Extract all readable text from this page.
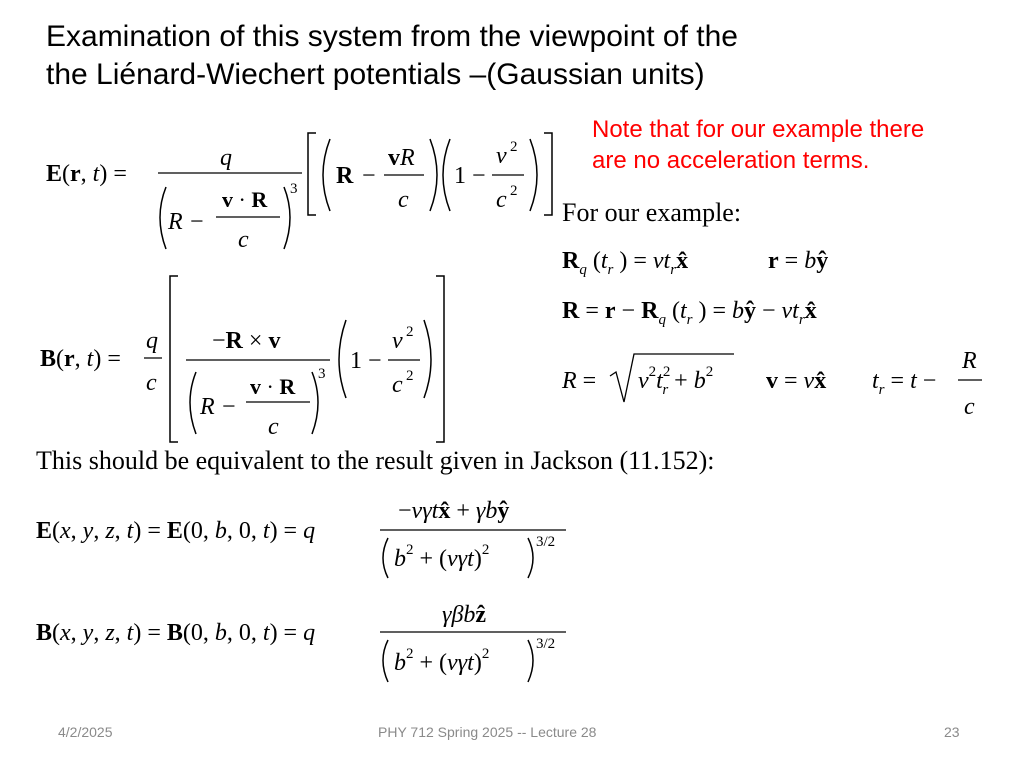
Examination of this system from the viewpoint of the
the Liénard-Wiechert potentials –(Gaussian units)
Note that for our example there
are no acceleration terms.
E(r, t) =
q
3
v · R
R −
c
R −
vR
c
1 −
v 2
c 2
For our example:
$R_q$ ($t_r$ ) = $vt_rx̂$	r = bŷ
$R = r - R_q$ ($t_r$ ) = bŷ − $vt_rx̂$
$R = v^2t^2$ $r + b^2$ v = vx̂ $t_r = t$ −
R
c
B(r, t) =
q
c
−R × v
3
v · R
R −
c
1 −
v 2
c 2
This should be equivalent to the result given in Jackson (11.152):
E(x, y, z, t) = E(0, b, 0, t) = q
−vγtx̂ + γbŷ
$b^2 + (v\gamma t)^2$	3/2
B(x, y, z, t) = B(0, b, 0, t) = q
γβbẑ
$b^2 + (v\gamma t)^2$
3/2
4/2/2025	PHY 712 Spring 2025 -- Lecture 28	23
